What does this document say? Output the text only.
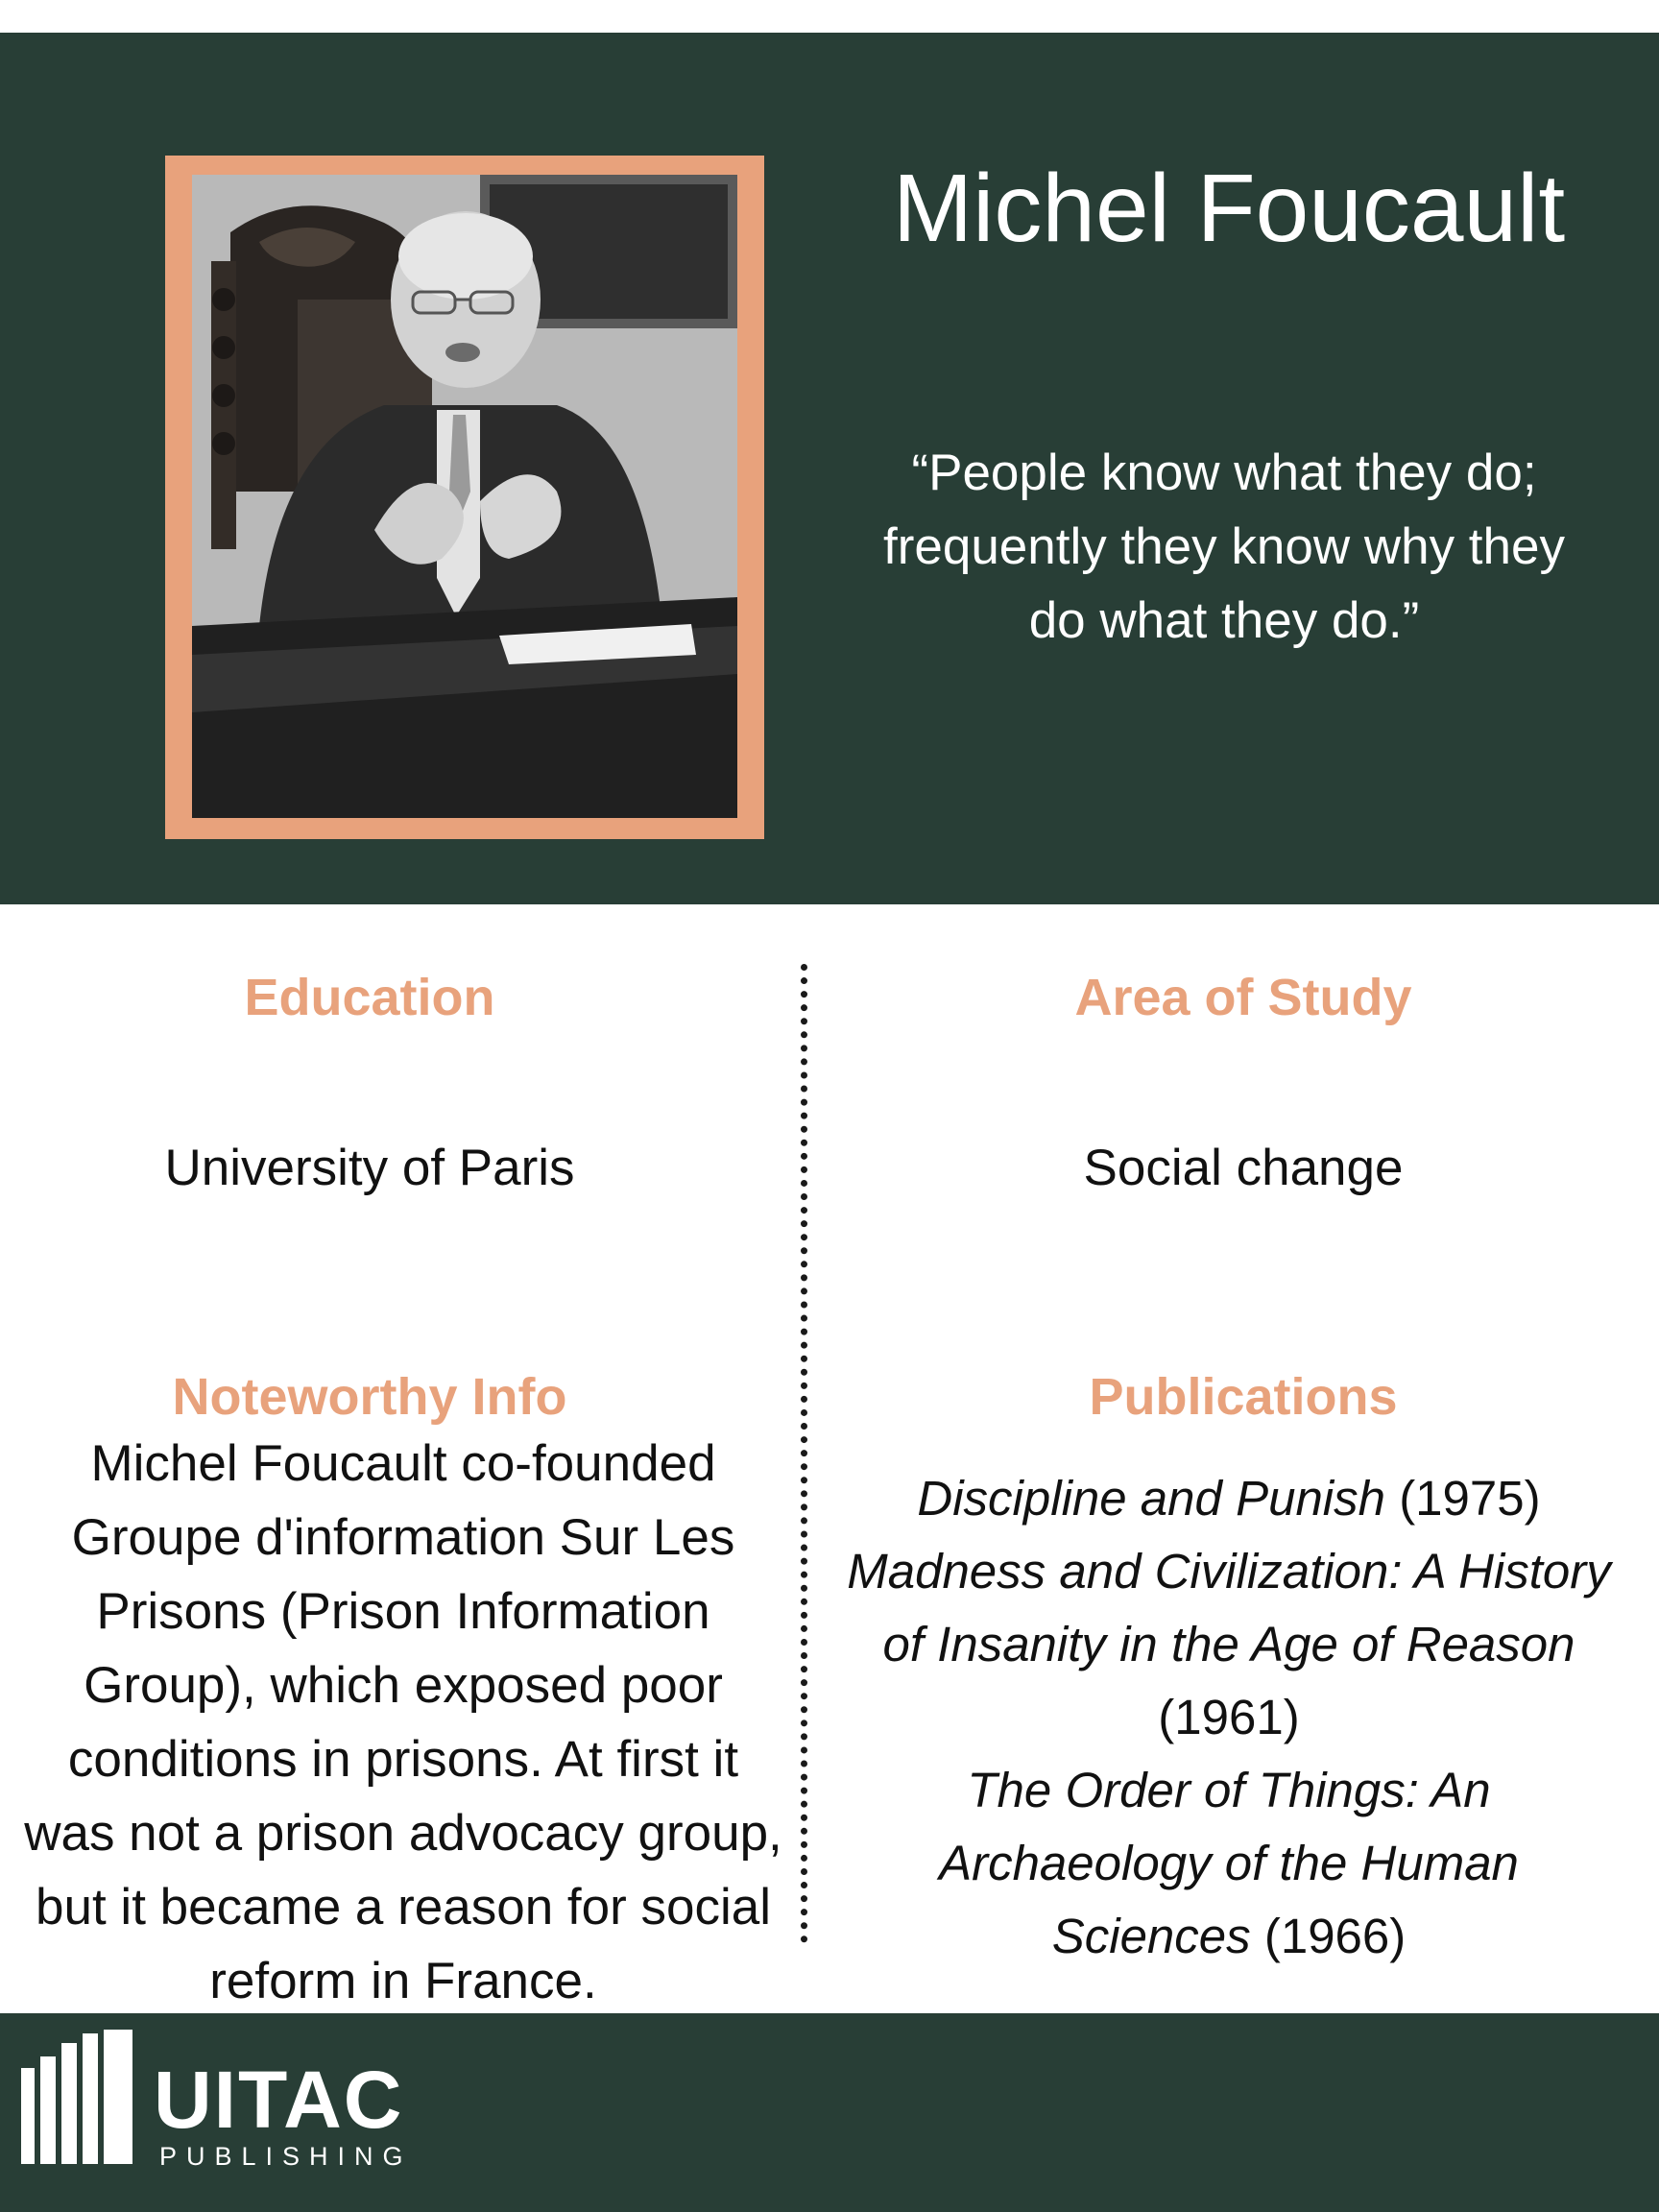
Michel Foucault
“People know what they do;
frequently they know why they
do what they do.”
Education
University of Paris
Area of Study
Social change
Noteworthy Info
Michel Foucault co-founded
Groupe d'information Sur Les
Prisons (Prison Information
Group), which exposed poor
conditions in prisons. At first it
was not a prison advocacy group,
but it became a reason for social
reform in France.
Publications
Discipline and Punish (1975)
Madness and Civilization: A History
of Insanity in the Age of Reason
(1961)
The Order of Things: An
Archaeology of the Human
Sciences (1966)
UITAC
PUBLISHING
